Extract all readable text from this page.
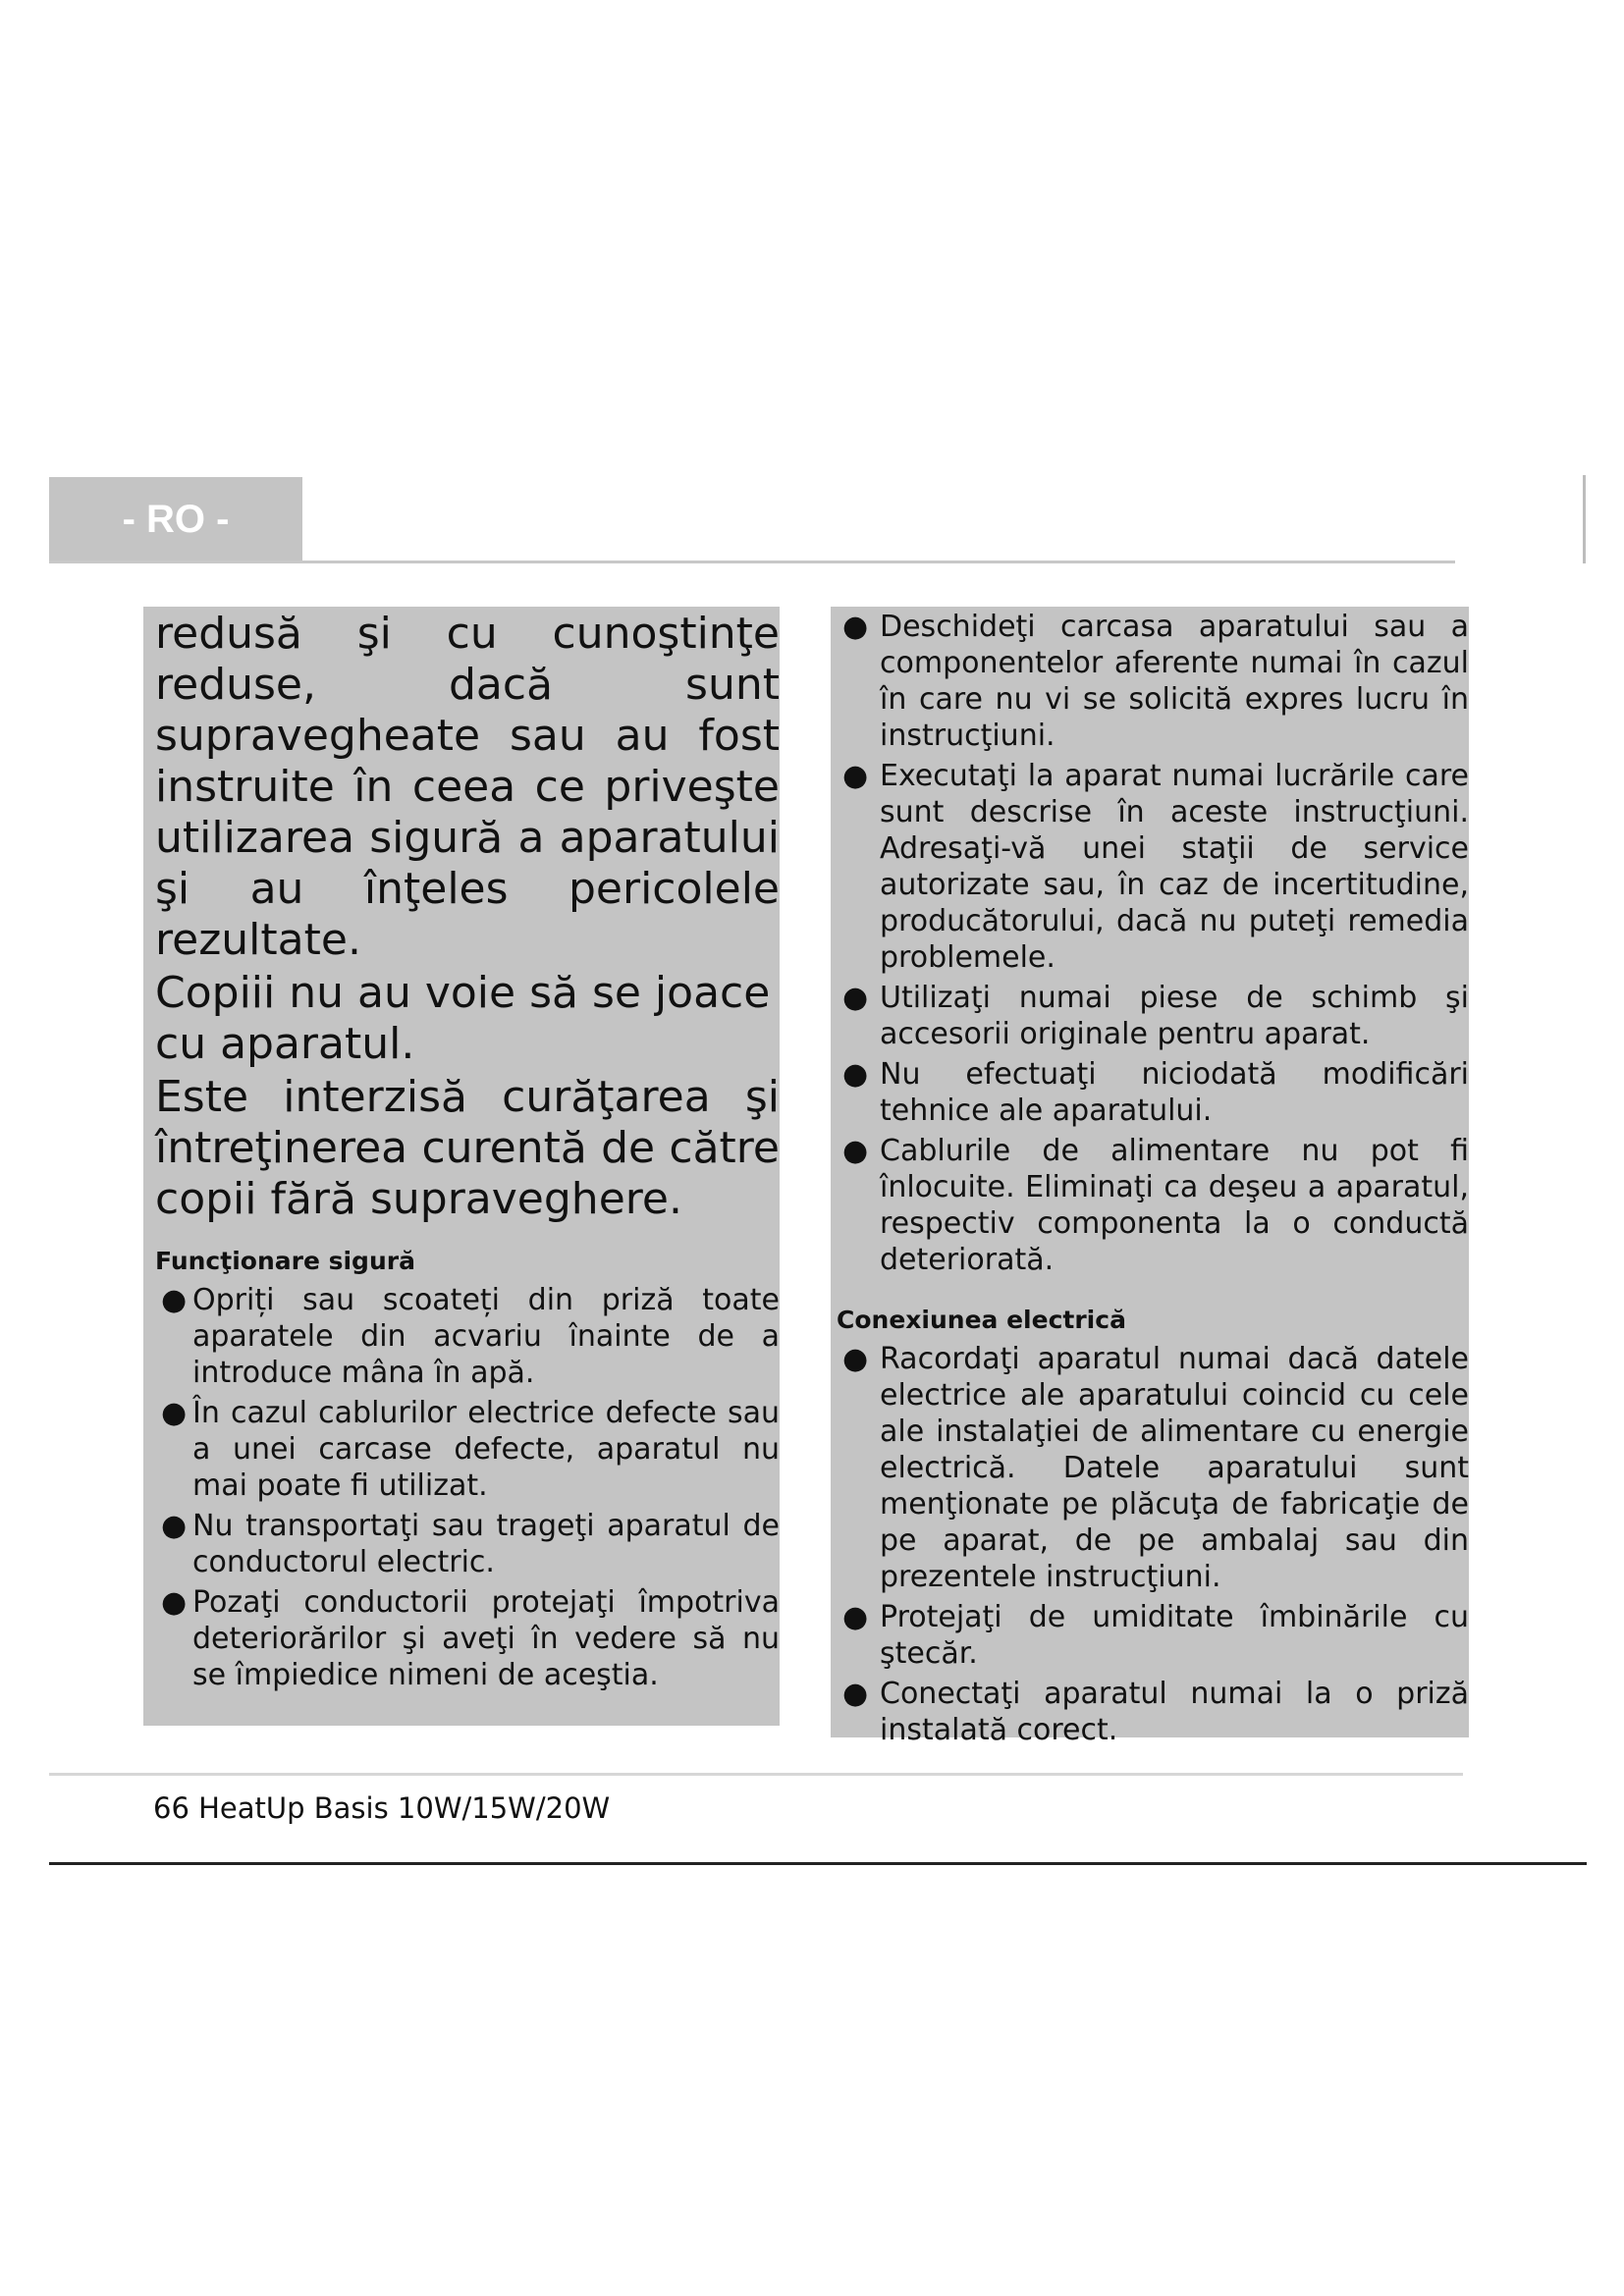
- RO -

redusă şi cu cunoştinţe reduse, dacă sunt supravegheate sau au fost instruite în ceea ce priveşte utilizarea sigură a aparatului şi au înţeles pericolele rezultate.

Copiii nu au voie să se joace cu aparatul.

Este interzisă curăţarea şi întreţinerea curentă de către copii fără supraveghere.

Funcţionare sigură
● Opriți sau scoateți din priză toate aparatele din acvariu înainte de a introduce mâna în apă.
● În cazul cablurilor electrice defecte sau a unei carcase defecte, aparatul nu mai poate fi utilizat.
● Nu transportaţi sau trageţi aparatul de conductorul electric.
● Pozaţi conductorii protejaţi împotriva deteriorărilor şi aveţi în vedere să nu se împiedice nimeni de aceştia.
● Deschideţi carcasa aparatului sau a componentelor aferente numai în cazul în care nu vi se solicită expres lucru în instrucţiuni.
● Executaţi la aparat numai lucrările care sunt descrise în aceste instrucţiuni. Adresaţi-vă unei staţii de service autorizate sau, în caz de incertitudine, producătorului, dacă nu puteţi remedia problemele.
● Utilizaţi numai piese de schimb şi accesorii originale pentru aparat.
● Nu efectuaţi niciodată modificări tehnice ale aparatului.
● Cablurile de alimentare nu pot fi înlocuite. Eliminaţi ca deşeu a aparatul, respectiv componenta la o conductă deteriorată.
Conexiunea electrică
● Racordaţi aparatul numai dacă datele electrice ale aparatului coincid cu cele ale instalaţiei de alimentare cu energie electrică. Datele aparatului sunt menţionate pe plăcuţa de fabricaţie de pe aparat, de pe ambalaj sau din prezentele instrucţiuni.
● Protejaţi de umiditate îmbinările cu ştecăr.
● Conectaţi aparatul numai la o priză instalată corect.
66 HeatUp Basis 10W/15W/20W
